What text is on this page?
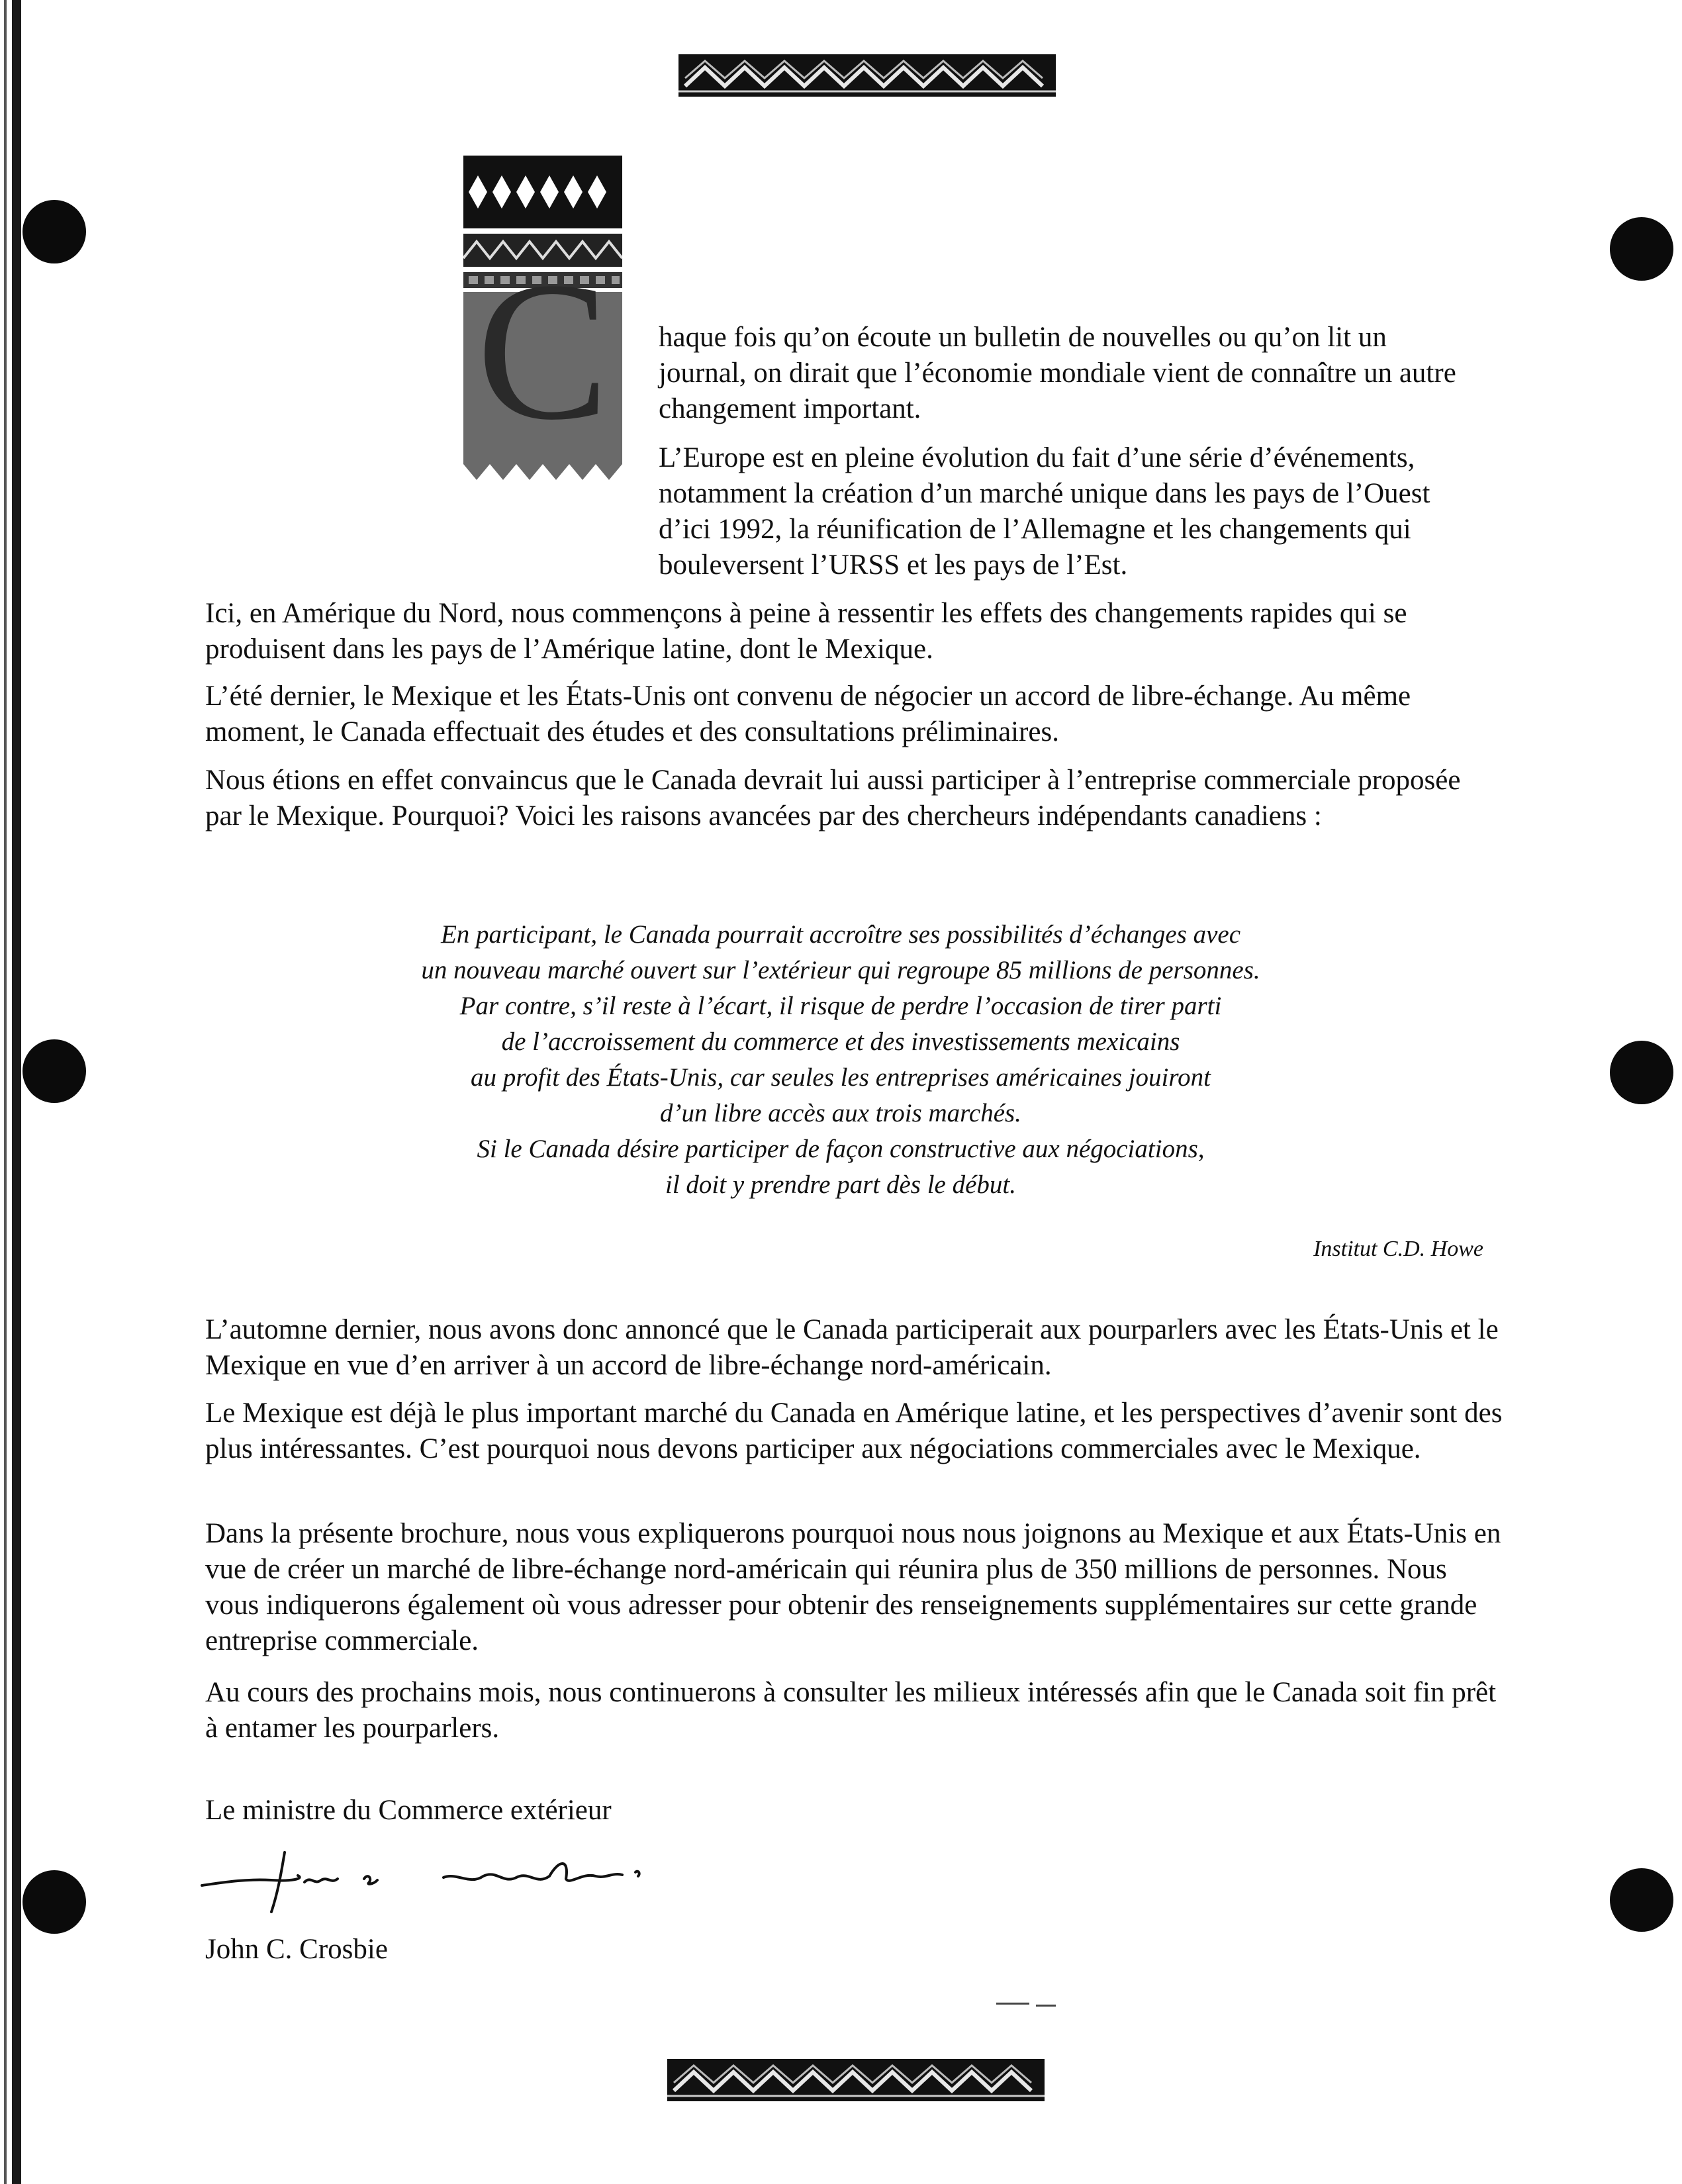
C haque fois qu’on écoute un bulletin de nouvelles ou qu’on lit un journal, on dirait que l’économie mondiale vient de connaître un autre changement important.

L’Europe est en pleine évolution du fait d’une série d’événements, notamment la création d’un marché unique dans les pays de l’Ouest d’ici 1992, la réunification de l’Allemagne et les changements qui bouleversent l’URSS et les pays de l’Est.

Ici, en Amérique du Nord, nous commençons à peine à ressentir les effets des changements rapides qui se produisent dans les pays de l’Amérique latine, dont le Mexique.

L’été dernier, le Mexique et les États-Unis ont convenu de négocier un accord de libre-échange. Au même moment, le Canada effectuait des études et des consultations préliminaires.

Nous étions en effet convaincus que le Canada devrait lui aussi participer à l’entreprise commerciale proposée par le Mexique. Pourquoi? Voici les raisons avancées par des chercheurs indépendants canadiens :

En participant, le Canada pourrait accroître ses possibilités d’échanges avec
un nouveau marché ouvert sur l’extérieur qui regroupe 85 millions de personnes.
Par contre, s’il reste à l’écart, il risque de perdre l’occasion de tirer parti
de l’accroissement du commerce et des investissements mexicains
au profit des États-Unis, car seules les entreprises américaines jouiront
d’un libre accès aux trois marchés.
Si le Canada désire participer de façon constructive aux négociations,
il doit y prendre part dès le début.

Institut C.D. Howe

L’automne dernier, nous avons donc annoncé que le Canada participerait aux pourparlers avec les États-Unis et le Mexique en vue d’en arriver à un accord de libre-échange nord-américain.

Le Mexique est déjà le plus important marché du Canada en Amérique latine, et les perspectives d’avenir sont des plus intéressantes. C’est pourquoi nous devons participer aux négociations commerciales avec le Mexique.

Dans la présente brochure, nous vous expliquerons pourquoi nous nous joignons au Mexique et aux États-Unis en vue de créer un marché de libre-échange nord-américain qui réunira plus de 350 millions de personnes. Nous vous indiquerons également où vous adresser pour obtenir des renseignements supplémentaires sur cette grande entreprise commerciale.

Au cours des prochains mois, nous continuerons à consulter les milieux intéressés afin que le Canada soit fin prêt à entamer les pourparlers.

Le ministre du Commerce extérieur

John C. Crosbie
